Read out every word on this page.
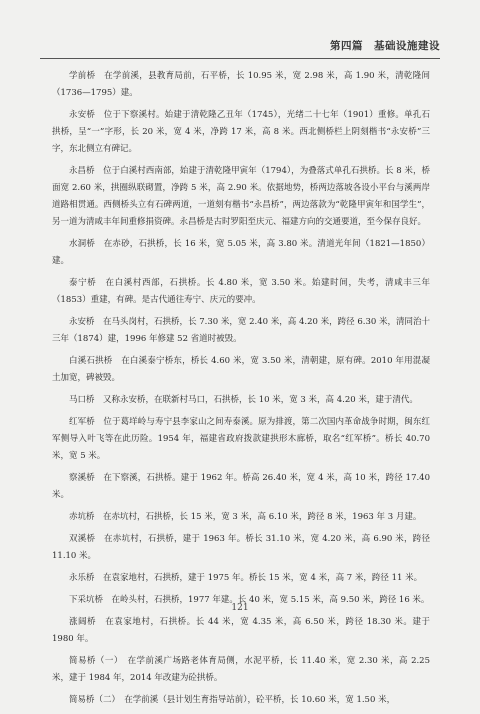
第四篇　基础设施建设

学前桥　在学前溪，县教育局前，石平桥，长 10.95 米，宽 2.98 米，高 1.90 米，清乾隆间（1736—1795）建。

永安桥　位于下察溪村。始建于清乾隆乙丑年（1745），光绪二十七年（1901）重修。单孔石拱桥，呈“一”字形，长 20 米，宽 4 米，净跨 17 米，高 8 米。西北侧桥栏上阴刻楷书“永安桥”三字，东北侧立有碑记。

永昌桥　位于白溪村西南部，始建于清乾隆甲寅年（1794），为叠落式单孔石拱桥。长 8 米，桥面宽 2.60 米，拱圈纵联砌置，净跨 5 米，高 2.90 米。依据地势，桥两边落坡各设小平台与溪两岸道路相贯通。西侧桥头立有石碑两道，一道刻有楷书“永昌桥”，两边落款为“乾隆甲寅年和国学生”，另一道为清咸丰年间重修捐资碑。永昌桥是古时罗阳至庆元、福建方向的交通要道，至今保存良好。

水洞桥　在赤砂，石拱桥，长 16 米，宽 5.05 米，高 3.80 米。清道光年间（1821—1850）建。

泰宁桥　在白溪村西部，石拱桥。长 4.80 米，宽 3.50 米。始建时间，失考，清咸丰三年（1853）重建，有碑。是古代通往寿宁、庆元的要冲。

永安桥　在马头岗村，石拱桥，长 7.30 米，宽 2.40 米，高 4.20 米，跨径 6.30 米，清同治十三年（1874）建，1996 年修建 52 省道时被毁。

白溪石拱桥　在白溪泰宁桥东，桥长 4.60 米，宽 3.50 米，清朝建，原有碑。2010 年用混凝土加宽，碑被毁。

马口桥　又称永安桥，在联新村马口，石拱桥，长 10 米，宽 3 米，高 4.20 米，建于清代。

红军桥　位于葛垟岭与寿宁县李家山之间寿泰溪。原为排渡，第二次国内革命战争时期，闽东红军侧导入叶飞等在此历险。1954 年，福建省政府拨款建拱形木廊桥，取名“红军桥”。桥长 40.70 米，宽 5 米。

察溪桥　在下察溪，石拱桥。建于 1962 年。桥高 26.40 米，宽 4 米，高 10 米，跨径 17.40 米。

赤坑桥　在赤坑村，石拱桥，长 15 米，宽 3 米，高 6.10 米，跨径 8 米，1963 年 3 月建。

双溪桥　在赤坑村，石拱桥，建于 1963 年。桥长 31.10 米，宽 4.20 米，高 6.90 米，跨径 11.10 米。

永乐桥　在袁家地村，石拱桥，建于 1975 年。桥长 15 米，宽 4 米，高 7 米，跨径 11 米。

下采坑桥　在岭头村，石拱桥，1977 年建。长 40 米，宽 5.15 米，高 9.50 米，跨径 16 米。

涨阔桥　在袁家地村，石拱桥。长 44 米，宽 4.35 米，高 6.50 米，跨径 18.30 米。建于 1980 年。

简易桥（一）　在学前溪广场路老体育局侧，水泥平桥，长 11.40 米，宽 2.30 米，高 2.25 米，建于 1984 年，2014 年改建为砼拱桥。

简易桥（二）　在学前溪（县计划生育指导站前），砼平桥，长 10.60 米，宽 1.50 米，

121
